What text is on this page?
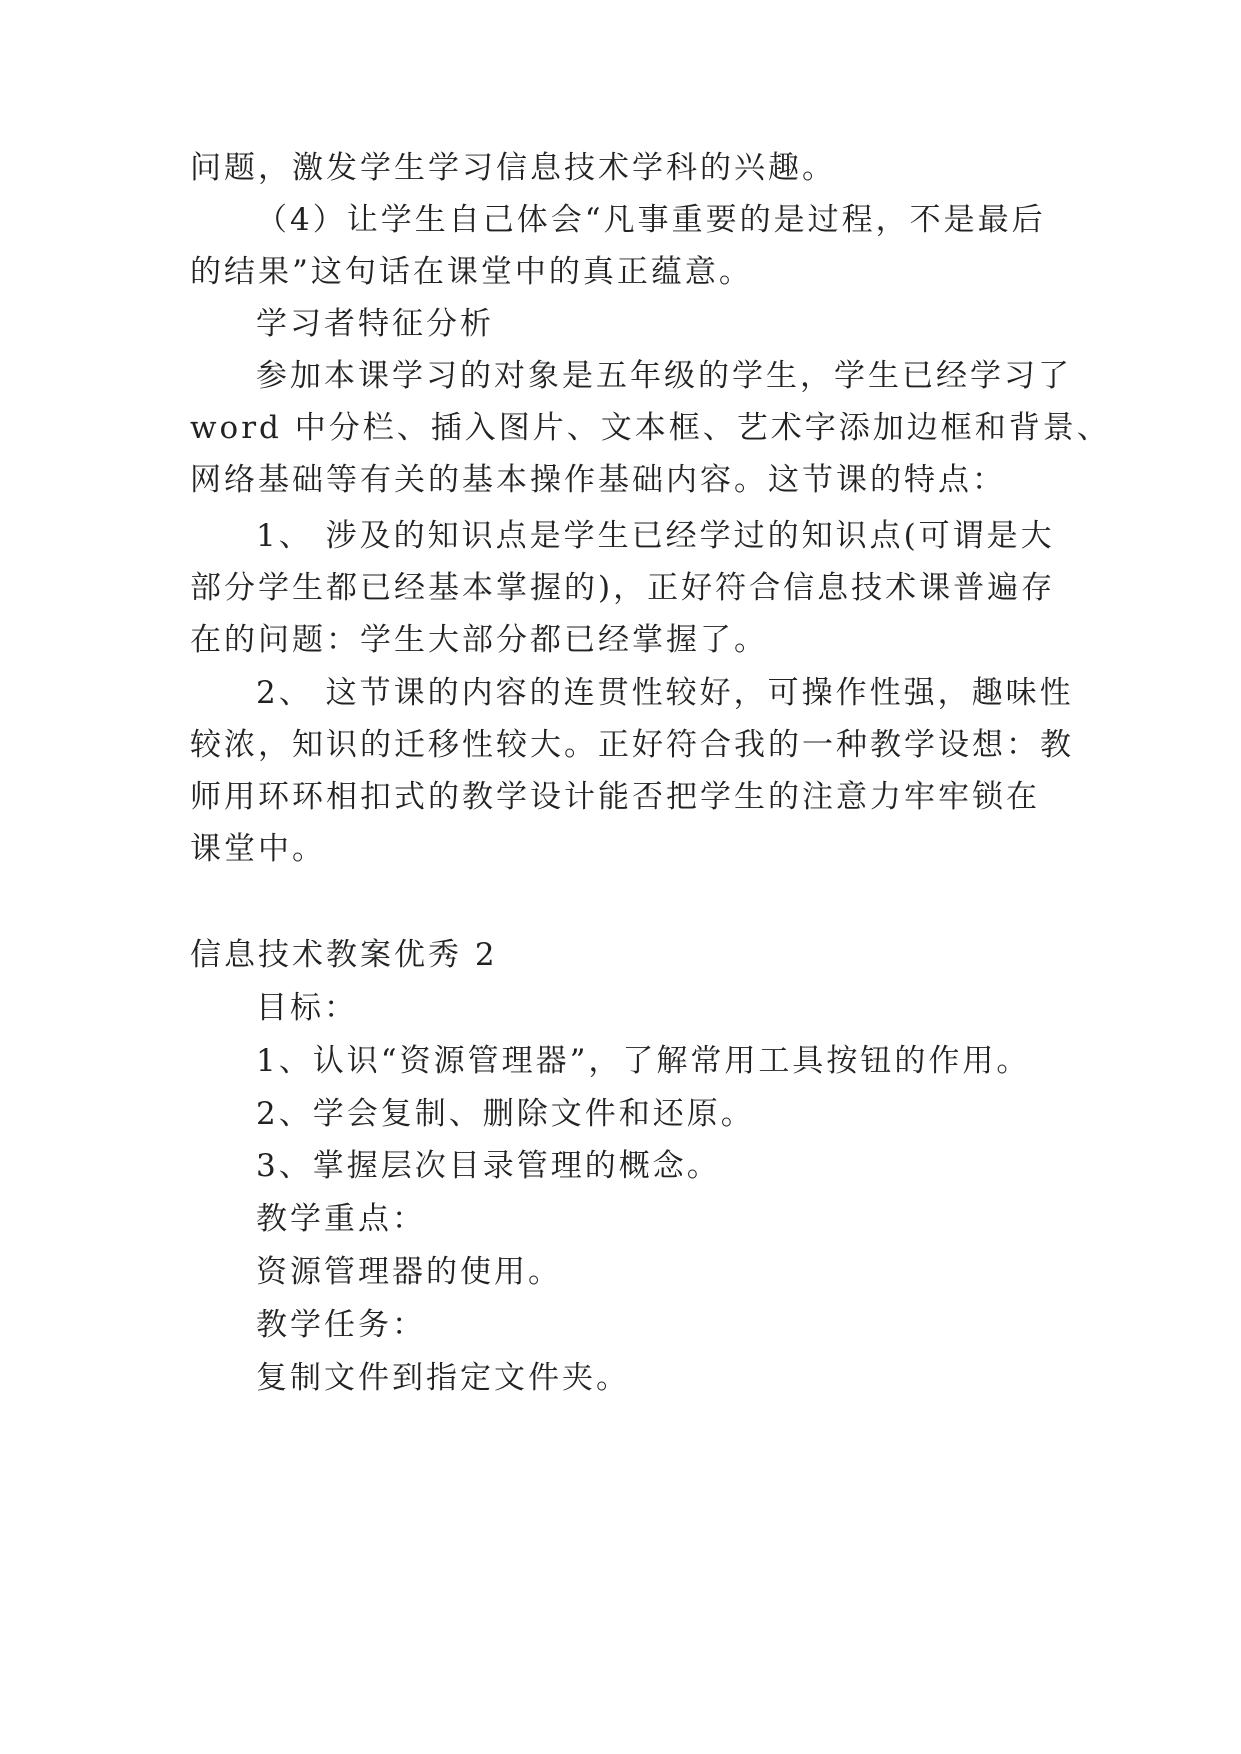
问题，激发学生学习信息技术学科的兴趣。
（4）让学生自己体会“凡事重要的是过程，不是最后
的结果”这句话在课堂中的真正蕴意。
学习者特征分析
参加本课学习的对象是五年级的学生，学生已经学习了
word 中分栏、插入图片、文本框、艺术字添加边框和背景、
网络基础等有关的基本操作基础内容。这节课的特点：
1、 涉及的知识点是学生已经学过的知识点(可谓是大
部分学生都已经基本掌握的)，正好符合信息技术课普遍存
在的问题：学生大部分都已经掌握了。
2、 这节课的内容的连贯性较好，可操作性强，趣味性
较浓，知识的迁移性较大。正好符合我的一种教学设想：教
师用环环相扣式的教学设计能否把学生的注意力牢牢锁在
课堂中。
信息技术教案优秀 2
目标：
1、认识“资源管理器”，了解常用工具按钮的作用。
2、学会复制、删除文件和还原。
3、掌握层次目录管理的概念。
教学重点：
资源管理器的使用。
教学任务：
复制文件到指定文件夹。
